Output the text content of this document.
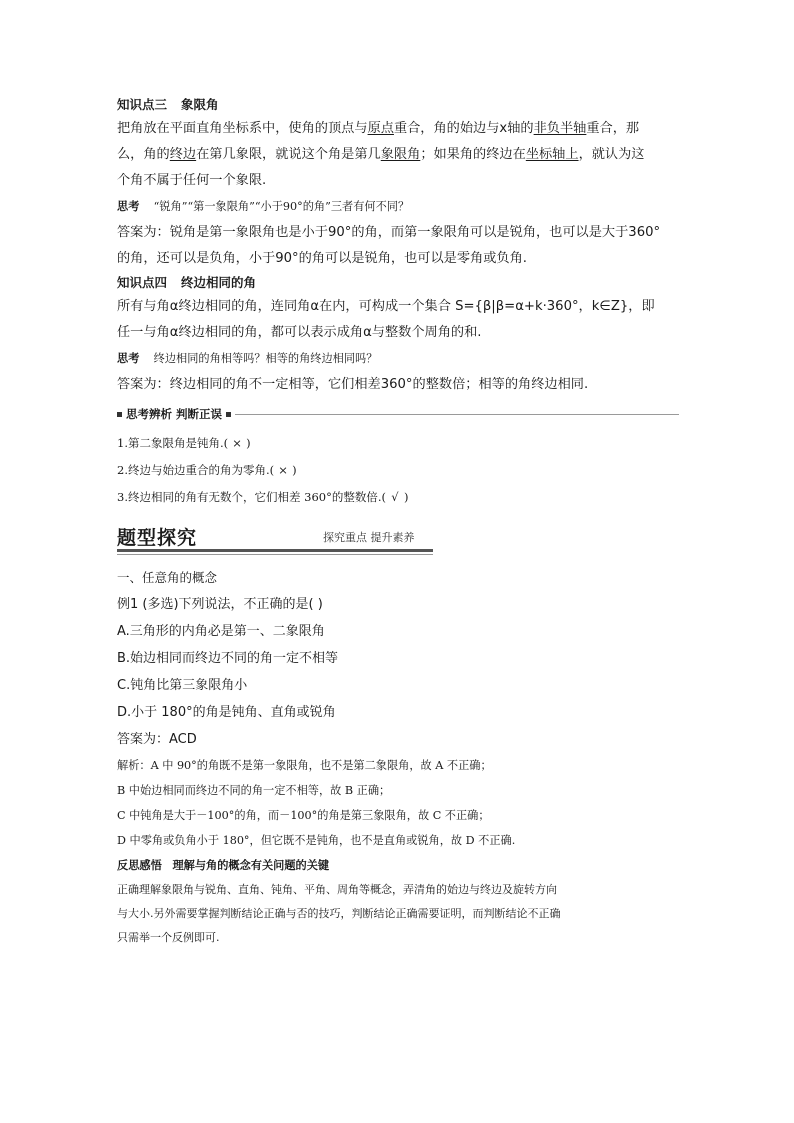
知识点三 象限角

把角放在平面直角坐标系中，使角的顶点与原点重合，角的始边与x轴的非负半轴重合，那

么，角的终边在第几象限，就说这个角是第几象限角；如果角的终边在坐标轴上，就认为这

个角不属于任何一个象限.

思考 “锐角”“第一象限角”“小于90°的角”三者有何不同？

答案为：锐角是第一象限角也是小于90°的角，而第一象限角可以是锐角，也可以是大于360°

的角，还可以是负角，小于90°的角可以是锐角，也可以是零角或负角.

知识点四 终边相同的角

所有与角α终边相同的角，连同角α在内，可构成一个集合 S={β|β=α+k·360°，k∈Z}，即

任一与角α终边相同的角，都可以表示成角α与整数个周角的和.

思考 终边相同的角相等吗？相等的角终边相同吗？

答案为：终边相同的角不一定相等，它们相差360°的整数倍；相等的角终边相同.

思考辨析 判断正误

1.第二象限角是钝角.( × )

2.终边与始边重合的角为零角.( × )

3.终边相同的角有无数个，它们相差 360°的整数倍.( √ )

题型探究	探究重点 提升素养

一、任意角的概念

例1 (多选)下列说法，不正确的是( )

A.三角形的内角必是第一、二象限角

B.始边相同而终边不同的角一定不相等

C.钝角比第三象限角小

D.小于 180°的角是钝角、直角或锐角

答案为：ACD

解析：A 中 90°的角既不是第一象限角，也不是第二象限角，故 A 不正确；

B 中始边相同而终边不同的角一定不相等，故 B 正确；

C 中钝角是大于－100°的角，而－100°的角是第三象限角，故 C 不正确；

D 中零角或负角小于 180°，但它既不是钝角，也不是直角或锐角，故 D 不正确.

反思感悟 理解与角的概念有关问题的关键

正确理解象限角与锐角、直角、钝角、平角、周角等概念，弄清角的始边与终边及旋转方向

与大小.另外需要掌握判断结论正确与否的技巧，判断结论正确需要证明，而判断结论不正确

只需举一个反例即可.
